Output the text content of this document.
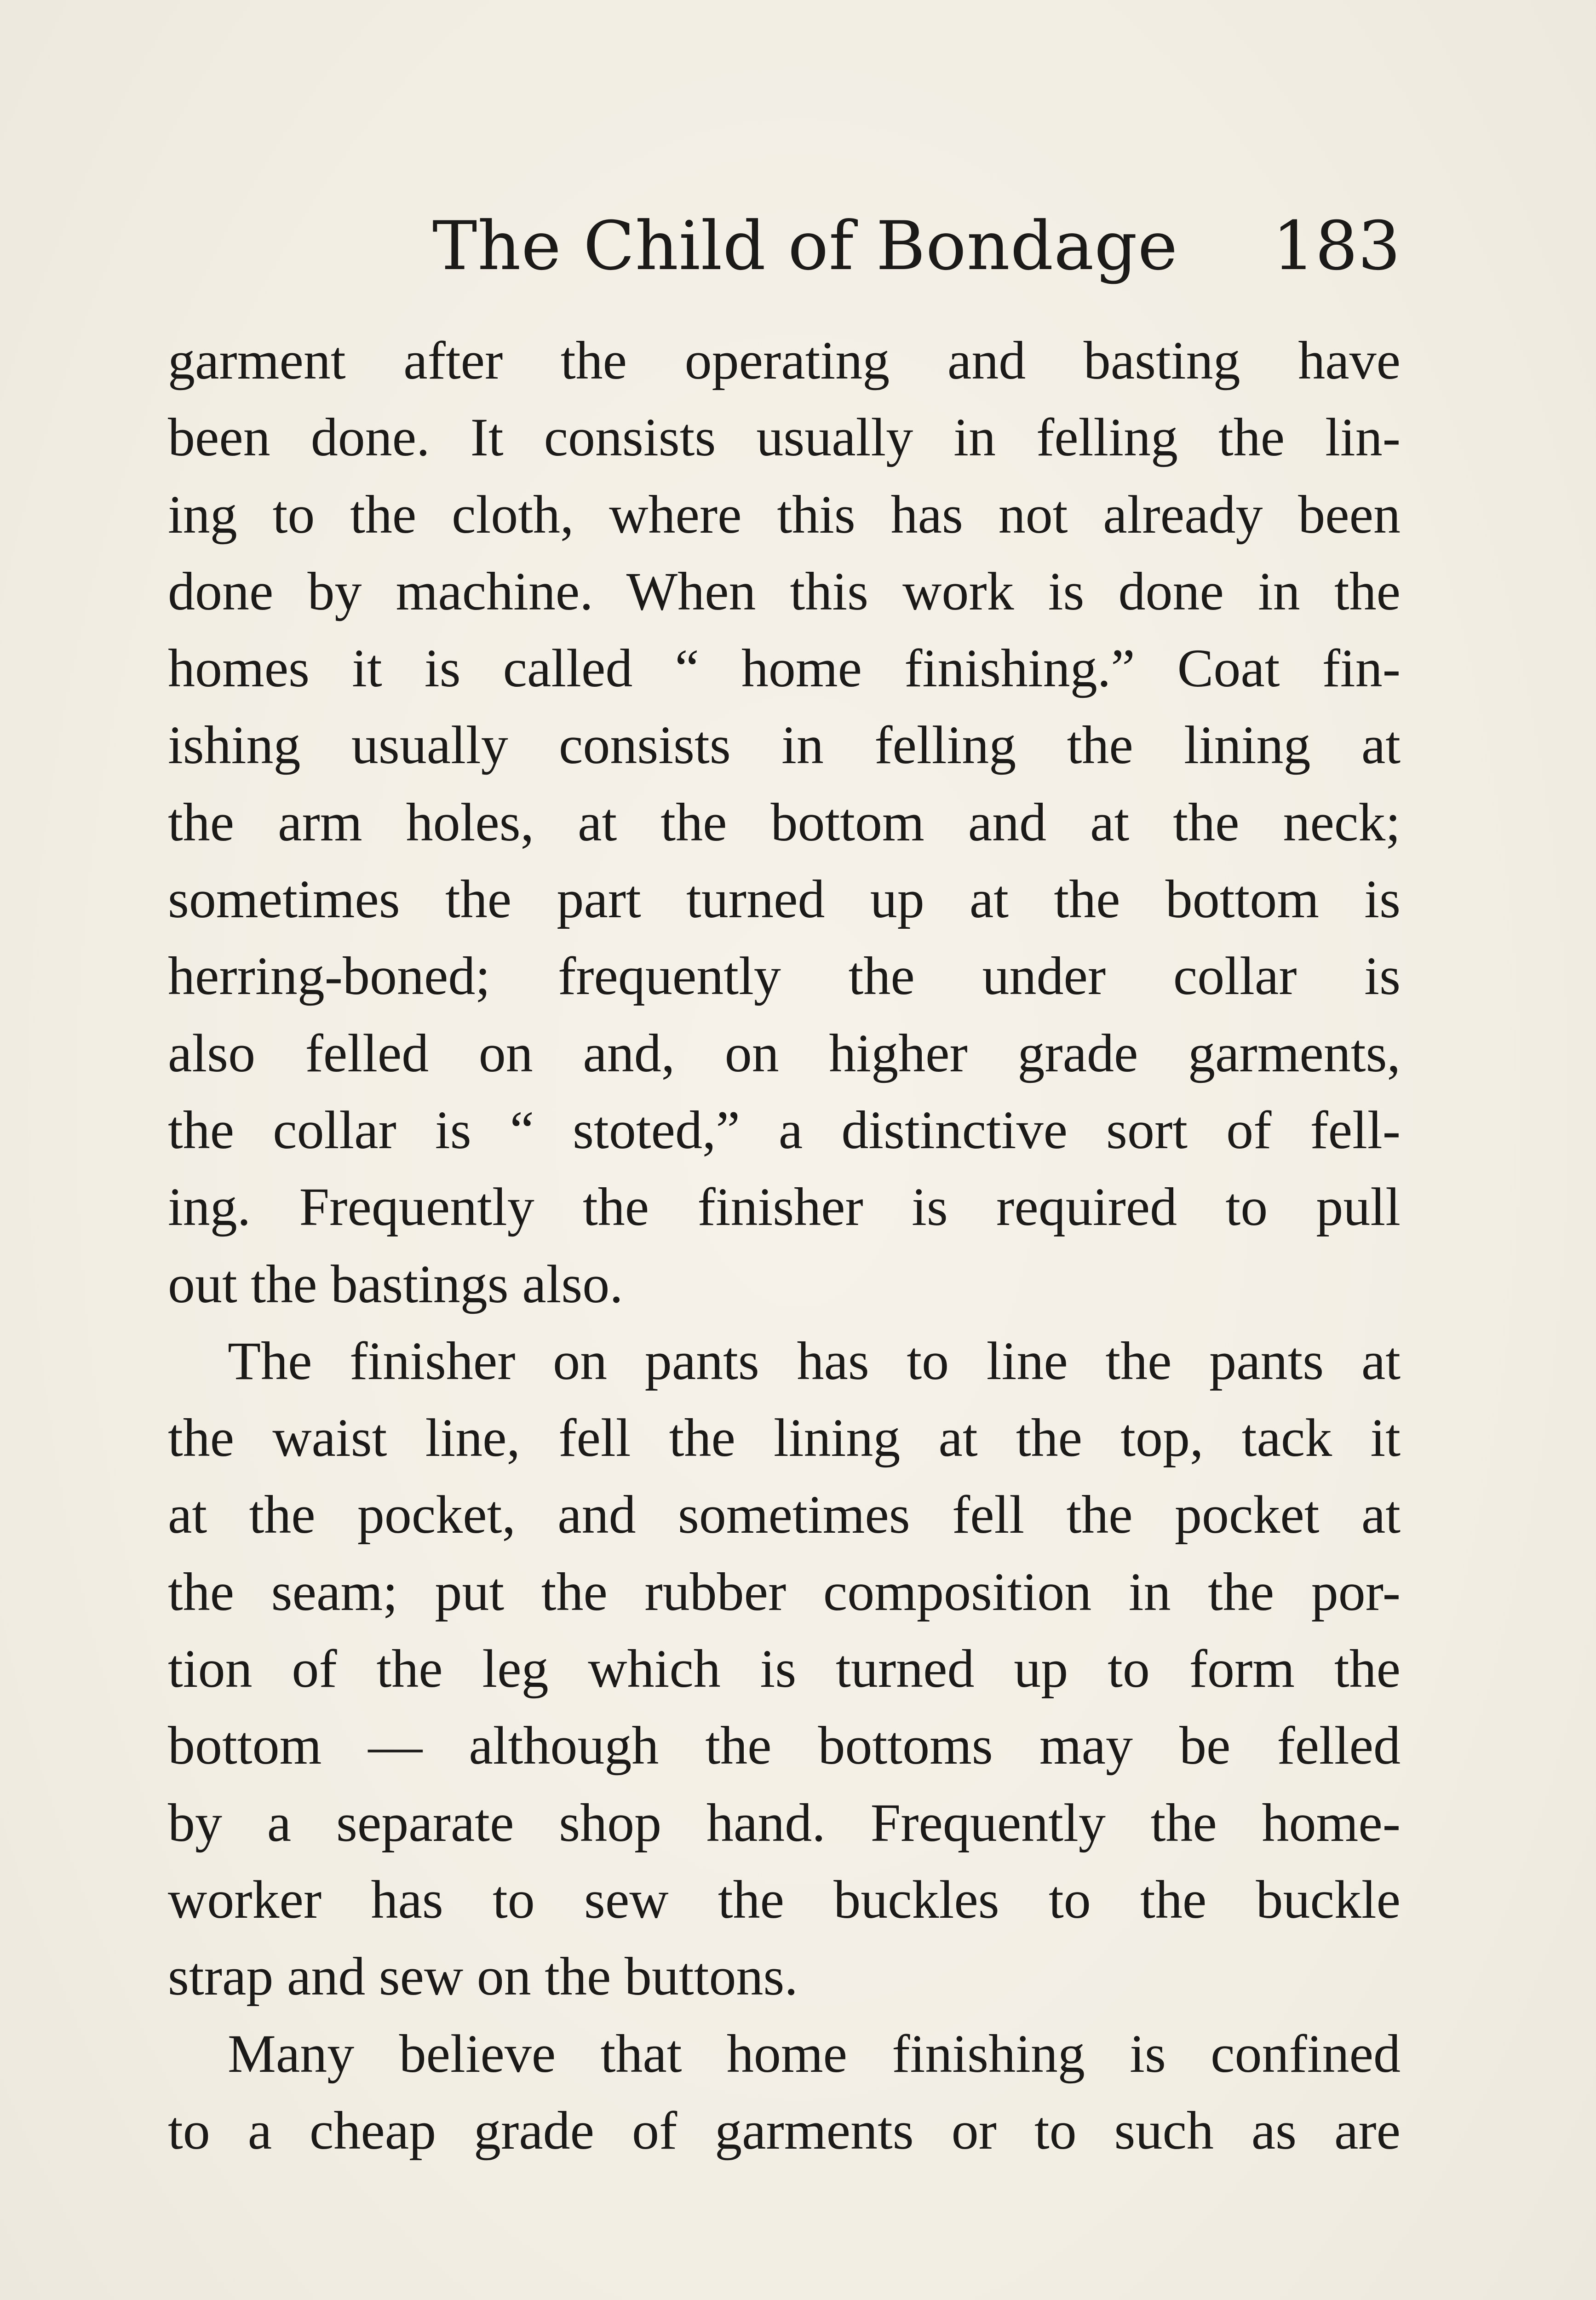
The Child of Bondage 183
garment after the operating and basting have
been done. It consists usually in felling the lin-
ing to the cloth, where this has not already been
done by machine. When this work is done in the
homes it is called “ home finishing.” Coat fin-
ishing usually consists in felling the lining at
the arm holes, at the bottom and at the neck;
sometimes the part turned up at the bottom is
herring-boned; frequently the under collar is
also felled on and, on higher grade garments,
the collar is “ stoted,” a distinctive sort of fell-
ing. Frequently the finisher is required to pull
out the bastings also.
The finisher on pants has to line the pants at
the waist line, fell the lining at the top, tack it
at the pocket, and sometimes fell the pocket at
the seam; put the rubber composition in the por-
tion of the leg which is turned up to form the
bottom — although the bottoms may be felled
by a separate shop hand. Frequently the home-
worker has to sew the buckles to the buckle
strap and sew on the buttons.
Many believe that home finishing is confined
to a cheap grade of garments or to such as are
